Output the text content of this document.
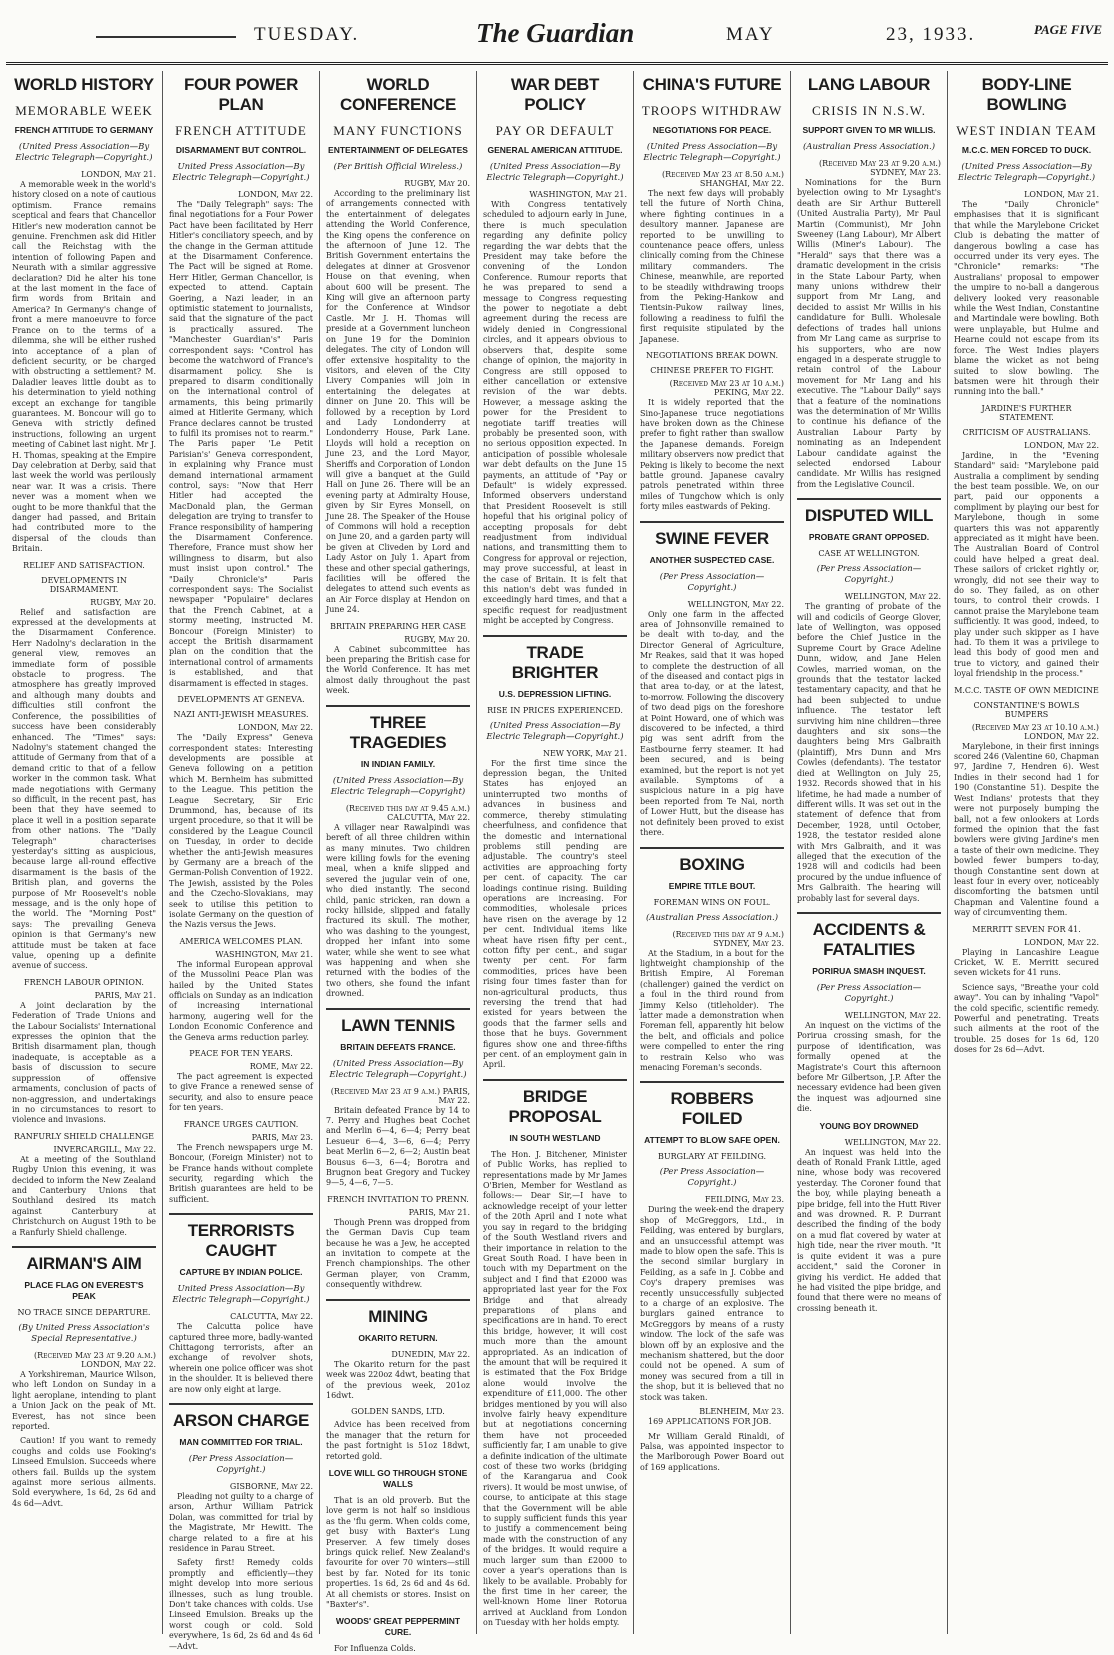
TUESDAY.	The Guardian	MAY	23, 1933.	PAGE FIVE
WORLD HISTORY
MEMORABLE WEEK
FRENCH ATTITUDE TO GERMANY
(United Press Association—By Electric Telegraph—Copyright.)
LONDON, May 21.
A memorable week in the world's history closed on a note of cautious optimism. France remains sceptical and fears that Chancellor Hitler's new moderation cannot be genuine. Frenchmen ask did Hitler call the Reichstag with the intention of following Papen and Neurath with a similar aggressive declaration? Did he alter his tone at the last moment in the face of firm words from Britain and America? In Germany's change of front a mere manoeuvre to force France on to the terms of a dilemma, she will be either rushed into acceptance of a plan of deficient security, or be charged with obstructing a settlement? M. Daladier leaves little doubt as to his determination to yield nothing except an exchange for tangible guarantees. M. Boncour will go to Geneva with strictly defined instructions, following an urgent meeting of Cabinet last night. Mr J. H. Thomas, speaking at the Empire Day celebration at Derby, said that last week the world was perilously near war. It was a crisis. There never was a moment when we ought to be more thankful that the danger had passed, and Britain had contributed more to the dispersal of the clouds than Britain.
RELIEF AND SATISFACTION.
DEVELOPMENTS IN DISARMAMENT.
RUGBY, May 20.
Relief and satisfaction are expressed at the developments at the Disarmament Conference. Herr Nadolny's declaration in the general view, removes an immediate form of possible obstacle to progress. The atmosphere has greatly improved and although many doubts and difficulties still confront the Conference, the possibilities of success have been considerably enhanced. The "Times" says: Nadolny's statement changed the attitude of Germany from that of a demand critic to that of a fellow worker in the common task. What made negotiations with Germany so difficult, in the recent past, has been that they have seemed to place it well in a position separate from other nations. The "Daily Telegraph" characterises yesterday's sitting as auspicious, because large all-round effective disarmament is the basis of the British plan, and governs the purpose of Mr Roosevelt's noble message, and is the only hope of the world. The "Morning Post" says: The prevailing Geneva opinion is that Germany's new attitude must be taken at face value, opening up a definite avenue of success.
FRENCH LABOUR OPINION.
PARIS, May 21.
A joint declaration by the Federation of Trade Unions and the Labour Socialists' International expresses the opinion that the British disarmament plan, though inadequate, is acceptable as a basis of discussion to secure suppression of offensive armaments, conclusion of pacts of non-aggression, and undertakings in no circumstances to resort to violence and invasions.
RANFURLY SHIELD CHALLENGE
INVERCARGILL, May 22.
At a meeting of the Southland Rugby Union this evening, it was decided to inform the New Zealand and Canterbury Unions that Southland desired its match against Canterbury at Christchurch on August 19th to be a Ranfurly Shield challenge.
AIRMAN'S AIM
PLACE FLAG ON EVEREST'S PEAK
NO TRACE SINCE DEPARTURE.
(By United Press Association's Special Representative.)
(Received May 23 at 9.20 a.m.) LONDON, May 22.
A Yorkshireman, Maurice Wilson, who left London on Sunday in a light aeroplane, intending to plant a Union Jack on the peak of Mt. Everest, has not since been reported.
Caution! If you want to remedy coughs and colds use Fooking's Linseed Emulsion. Succeeds where others fail. Builds up the system against more serious ailments. Sold everywhere, 1s 6d, 2s 6d and 4s 6d—Advt.
FOUR POWER PLAN
FRENCH ATTITUDE
DISARMAMENT BUT CONTROL.
United Press Association—By Electric Telegraph—Copyright.)
LONDON, May 22.
The "Daily Telegraph" says: The final negotiations for a Four Power Pact have been facilitated by Herr Hitler's conciliatory speech, and by the change in the German attitude at the Disarmament Conference. The Pact will be signed at Rome. Herr Hitler, German Chancellor, is expected to attend. Captain Goering, a Nazi leader, in an optimistic statement to journalists, said that the signature of the pact is practically assured. The "Manchester Guardian's" Paris correspondent says: "Control has become the watchword of France's disarmament policy. She is prepared to disarm conditionally on the international control of armaments, this being primarily aimed at Hitlerite Germany, which France declares cannot be trusted to fulfil its promises not to rearm." The Paris paper 'Le Petit Parisian's' Geneva correspondent, in explaining why France must demand international armament control, says: "Now that Herr Hitler had accepted the MacDonald plan, the German delegation are trying to transfer to France responsibility of hampering the Disarmament Conference. Therefore, France must show her willingness to disarm, but also must insist upon control." The "Daily Chronicle's" Paris correspondent says: The Socialist newspaper "Populaire" declares that the French Cabinet, at a stormy meeting, instructed M. Boncour (Foreign Minister) to accept the British disarmament plan on the condition that the international control of armaments is established, and that disarmament is effected in stages.
DEVELOPMENTS AT GENEVA.
NAZI ANTI-JEWISH MEASURES.
LONDON, May 22.
The "Daily Express" Geneva correspondent states: Interesting developments are possible at Geneva following on a petition which M. Bernheim has submitted to the League. This petition the League Secretary, Sir Eric Drummond, has, because of its urgent procedure, so that it will be considered by the League Council on Tuesday, in order to decide whether the anti-Jewish measures by Germany are a breach of the German-Polish Convention of 1922. The Jewish, assisted by the Poles and the Czecho-Slovakians, may seek to utilise this petition to isolate Germany on the question of the Nazis versus the Jews.
AMERICA WELCOMES PLAN.
WASHINGTON, May 21.
The informal European approval of the Mussolini Peace Plan was hailed by the United States officials on Sunday as an indication of increasing international harmony, augering well for the London Economic Conference and the Geneva arms reduction parley.
PEACE FOR TEN YEARS.
ROME, May 22.
The pact agreement is expected to give France a renewed sense of security, and also to ensure peace for ten years.
FRANCE URGES CAUTION.
PARIS, May 23.
The French newspapers urge M. Boncour, (Foreign Minister) not to be France hands without complete security, regarding which the British guarantees are held to be sufficient.
TERRORISTS CAUGHT
CAPTURE BY INDIAN POLICE.
United Press Association—By Electric Telegraph—Copyright.)
CALCUTTA, May 22.
The Calcutta police have captured three more, badly-wanted Chittagong terrorists, after an exchange of revolver shots, wherein one police officer was shot in the shoulder. It is believed there are now only eight at large.
ARSON CHARGE
MAN COMMITTED FOR TRIAL.
(Per Press Association— Copyright.)
GISBORNE, May 22.
Pleading not guilty to a charge of arson, Arthur William Patrick Dolan, was committed for trial by the Magistrate, Mr Hewitt. The charge related to a fire at his residence in Parau Street.
Safety first! Remedy colds promptly and efficiently—they might develop into more serious illnesses, such as lung trouble. Don't take chances with colds. Use Linseed Emulsion. Breaks up the worst cough or cold. Sold everywhere, 1s 6d, 2s 6d and 4s 6d—Advt.
WORLD CONFERENCE
MANY FUNCTIONS
ENTERTAINMENT OF DELEGATES
(Per British Official Wireless.)
RUGBY, May 20.
According to the preliminary list of arrangements connected with the entertainment of delegates attending the World Conference, the King opens the conference on the afternoon of June 12. The British Government entertains the delegates at dinner at Grosvenor House on that evening, when about 600 will be present. The King will give an afternoon party for the Conference at Windsor Castle. Mr J. H. Thomas will preside at a Government luncheon on June 19 for the Dominion delegates. The city of London will offer extensive hospitality to the visitors, and eleven of the City Livery Companies will join in entertaining the delegates at dinner on June 20. This will be followed by a reception by Lord and Lady Londonderry at Londonderry House, Park Lane. Lloyds will hold a reception on June 23, and the Lord Mayor, Sheriffs and Corporation of London will give a banquet at the Guild Hall on June 26. There will be an evening party at Admiralty House, given by Sir Eyres Monsell, on June 28. The Speaker of the House of Commons will hold a reception on June 20, and a garden party will be given at Cliveden by Lord and Lady Astor on July 1. Apart from these and other special gatherings, facilities will be offered the delegates to attend such events as an Air Force display at Hendon on June 24.
BRITAIN PREPARING HER CASE
RUGBY, May 20.
A Cabinet subcommittee has been preparing the British case for the World Conference. It has met almost daily throughout the past week.
THREE TRAGEDIES
IN INDIAN FAMILY.
(United Press Association—By Electric Telegraph—Copyright)
(Received this day at 9.45 a.m.) CALCUTTA, May 22.
A villager near Rawalpindi was bereft of all three children within as many minutes. Two children were killing fowls for the evening meal, when a knife slipped and severed the jugular vein of one, who died instantly. The second child, panic stricken, ran down a rocky hillside, slipped and fatally fractured its skull. The mother, who was dashing to the youngest, dropped her infant into some water, while she went to see what was happening and when she returned with the bodies of the two others, she found the infant drowned.
LAWN TENNIS
BRITAIN DEFEATS FRANCE.
(United Press Association—By Electric Telegraph—Copyright.)
(Received May 23 at 9 a.m.) PARIS, May 22.
Britain defeated France by 14 to 7. Perry and Hughes beat Cochet and Merlin 6—4, 6—4; Perry beat Lesueur 6—4, 3—6, 6—4; Perry beat Merlin 6—2, 6—2; Austin beat Bousus 6—3, 6—4; Borotra and Brugnon beat Gregory and Tuckey 9—5, 4—6, 7—5.
FRENCH INVITATION TO PRENN.
PARIS, May 21.
Though Prenn was dropped from the German Davis Cup team because he was a Jew, he accepted an invitation to compete at the French championships. The other German player, von Cramm, consequently withdrew.
MINING
OKARITO RETURN.
DUNEDIN, May 22.
The Okarito return for the past week was 220oz 4dwt, beating that of the previous week, 201oz 16dwt.
GOLDEN SANDS, LTD.
Advice has been received from the manager that the return for the past fortnight is 51oz 18dwt, retorted gold.
LOVE WILL GO THROUGH STONE WALLS
That is an old proverb. But the love germ is not half so insidious as the 'flu germ. When colds come, get busy with Baxter's Lung Preserver. A few timely doses brings quick relief. New Zealand's favourite for over 70 winters—still best by far. Noted for its tonic properties. 1s 6d, 2s 6d and 4s 6d. At all chemists or stores. Insist on "Baxter's".
WOODS' GREAT PEPPERMINT CURE.
For Influenza Colds.
WAR DEBT POLICY
PAY OR DEFAULT
GENERAL AMERICAN ATTITUDE.
(United Press Association—By Electric Telegraph—Copyright.)
WASHINGTON, May 21.
With Congress tentatively scheduled to adjourn early in June, there is much speculation regarding any definite policy regarding the war debts that the President may take before the convening of the London Conference. Rumour reports that he was prepared to send a message to Congress requesting the power to negotiate a debt agreement during the recess are widely denied in Congressional circles, and it appears obvious to observers that, despite some change of opinion, the majority in Congress are still opposed to either cancellation or extensive revision of the war debts. However, a message asking the power for the President to negotiate tariff treaties will probably be presented soon, with no serious opposition expected. In anticipation of possible wholesale war debt defaults on the June 15 payments, an attitude of "Pay or Default" is widely expressed. Informed observers understand that President Roosevelt is still hopeful that his original policy of accepting proposals for debt readjustment from individual nations, and transmitting them to Congress for approval or rejection, may prove successful, at least in the case of Britain. It is felt that this nation's debt was funded in exceedingly hard times, and that a specific request for readjustment might be accepted by Congress.
TRADE BRIGHTER
U.S. DEPRESSION LIFTING.
RISE IN PRICES EXPERIENCED.
(United Press Association—By Electric Telegraph—Copyright.)
NEW YORK, May 21.
For the first time since the depression began, the United States has enjoyed an uninterrupted two months of advances in business and commerce, thereby stimulating cheerfulness, and confidence that the domestic and international problems still pending are adjustable. The country's steel activities are approaching forty per cent. of capacity. The car loadings continue rising. Building operations are increasing. For commodities, wholesale prices have risen on the average by 12 per cent. Individual items like wheat have risen fifty per cent., cotton fifty per cent., and sugar twenty per cent. For farm commodities, prices have been rising four times faster than for non-agricultural products, thus reversing the trend that had existed for years between the goods that the farmer sells and those that he buys. Government figures show one and three-fifths per cent. of an employment gain in April.
BRIDGE PROPOSAL
IN SOUTH WESTLAND
The Hon. J. Bitchener, Minister of Public Works, has replied to representations made by Mr James O'Brien, Member for Westland as follows:— Dear Sir,—I have to acknowledge receipt of your letter of the 20th April and I note what you say in regard to the bridging of the South Westland rivers and their importance in relation to the Great South Road. I have been in touch with my Department on the subject and I find that £2000 was appropriated last year for the Fox Bridge and that already preparations of plans and specifications are in hand. To erect this bridge, however, it will cost much more than the amount appropriated. As an indication of the amount that will be required it is estimated that the Fox Bridge alone would involve the expenditure of £11,000. The other bridges mentioned by you will also involve fairly heavy expenditure but at negotiations concerning them have not proceeded sufficiently far, I am unable to give a definite indication of the ultimate cost of these two works (bridging of the Karangarua and Cook rivers). It would be most unwise, of course, to anticipate at this stage that the Government will be able to supply sufficient funds this year to justify a commencement being made with the construction of any of the bridges. It would require a much larger sum than £2000 to cover a year's operations than is likely to be available. Probably for the first time in her career, the well-known Home liner Rotorua arrived at Auckland from London on Tuesday with her holds empty.
CHINA'S FUTURE
TROOPS WITHDRAW
NEGOTIATIONS FOR PEACE.
(United Press Association—By Electric Telegraph—Copyright.)
(Received May 23 at 8.50 a.m.) SHANGHAI, May 22.
The next few days will probably tell the future of North China, where fighting continues in a desultory manner. Japanese are reported to be unwilling to countenance peace offers, unless clinically coming from the Chinese military commanders. The Chinese, meanwhile, are reported to be steadily withdrawing troops from the Peking-Hankow and Tientsin-Pukow railway lines, following a readiness to fulfil the first requisite stipulated by the Japanese.
NEGOTIATIONS BREAK DOWN.
CHINESE PREFER TO FIGHT.
(Received May 23 at 10 a.m.) PEKING, May 22.
It is widely reported that the Sino-Japanese truce negotiations have broken down as the Chinese prefer to fight rather than swallow the Japanese demands. Foreign military observers now predict that Peking is likely to become the next battle ground. Japanese cavalry patrols penetrated within three miles of Tungchow which is only forty miles eastwards of Peking.
SWINE FEVER
ANOTHER SUSPECTED CASE.
(Per Press Association— Copyright.)
WELLINGTON, May 22.
Only one farm in the affected area of Johnsonville remained to be dealt with to-day, and the Director General of Agriculture, Mr Reakes, said that it was hoped to complete the destruction of all of the diseased and contact pigs in that area to-day, or at the latest, to-morrow. Following the discovery of two dead pigs on the foreshore at Point Howard, one of which was discovered to be infected, a third pig was sent adrift from the Eastbourne ferry steamer. It had been secured, and is being examined, but the report is not yet available. Symptoms of a suspicious nature in a pig have been reported from Te Nai, north of Lower Hutt, but the disease has not definitely been proved to exist there.
BOXING
EMPIRE TITLE BOUT.
FOREMAN WINS ON FOUL.
(Australian Press Association.)
(Received this day at 9 a.m.) SYDNEY, May 23.
At the Stadium, in a bout for the lightweight championship of the British Empire, Al Foreman (challenger) gained the verdict on a foul in the third round from Jimmy Kelso (titleholder). The latter made a demonstration when Foreman fell, apparently hit below the belt, and officials and police were compelled to enter the ring to restrain Kelso who was menacing Foreman's seconds.
ROBBERS FOILED
ATTEMPT TO BLOW SAFE OPEN.
BURGLARY AT FEILDING.
(Per Press Association— Copyright.)
FEILDING, May 23.
During the week-end the drapery shop of McGreggors, Ltd., in Feilding, was entered by burglars, and an unsuccessful attempt was made to blow open the safe. This is the second similar burglary in Feilding, as a safe in J. Cobbe and Coy's drapery premises was recently unsuccessfully subjected to a charge of an explosive. The burglars gained entrance to McGreggors by means of a rusty window. The lock of the safe was blown off by an explosive and the mechanism shattered, but the door could not be opened. A sum of money was secured from a till in the shop, but it is believed that no stock was taken.
BLENHEIM, May 23.
169 APPLICATIONS FOR JOB.
Mr William Gerald Rinaldi, of Palsa, was appointed inspector to the Marlborough Power Board out of 169 applications.
LANG LABOUR
CRISIS IN N.S.W.
SUPPORT GIVEN TO MR WILLIS.
(Australian Press Association.)
(Received May 23 at 9.20 a.m.) SYDNEY, May 23.
Nominations for the Burn byelection owing to Mr Lysaght's death are Sir Arthur Butterell (United Australia Party), Mr Paul Martin (Communist), Mr John Sweeney (Lang Labour), Mr Albert Willis (Miner's Labour). The "Herald" says that there was a dramatic development in the crisis in the State Labour Party, when many unions withdrew their support from Mr Lang, and decided to assist Mr Willis in his candidature for Bulli. Wholesale defections of trades hall unions from Mr Lang came as surprise to his supporters, who are now engaged in a desperate struggle to retain control of the Labour movement for Mr Lang and his executive. The "Labour Daily" says that a feature of the nominations was the determination of Mr Willis to continue his defiance of the Australian Labour Party by nominating as an Independent Labour candidate against the selected endorsed Labour candidate. Mr Willis has resigned from the Legislative Council.
DISPUTED WILL
PROBATE GRANT OPPOSED.
CASE AT WELLINGTON.
(Per Press Association— Copyright.)
WELLINGTON, May 22.
The granting of probate of the will and codicils of George Glover, late of Wellington, was opposed before the Chief Justice in the Supreme Court by Grace Adeline Dunn, widow, and Jane Helen Cowles, married woman, on the grounds that the testator lacked testamentary capacity, and that he had been subjected to undue influence. The testator left surviving him nine children—three daughters and six sons—the daughters being Mrs Galbraith (plaintiff), Mrs Dunn and Mrs Cowles (defendants). The testator died at Wellington on July 25, 1932. Records showed that in his lifetime, he had made a number of different wills. It was set out in the statement of defence that from December, 1928, until October, 1928, the testator resided alone with Mrs Galbraith, and it was alleged that the execution of the 1928 will and codicils had been procured by the undue influence of Mrs Galbraith. The hearing will probably last for several days.
ACCIDENTS & FATALITIES
PORIRUA SMASH INQUEST.
(Per Press Association— Copyright.)
WELLINGTON, May 22.
An inquest on the victims of the Porirua crossing smash, for the purpose of identification, was formally opened at the Magistrate's Court this afternoon before Mr Gilbertson, J.P. After the necessary evidence had been given the inquest was adjourned sine die.
YOUNG BOY DROWNED
WELLINGTON, May 22.
An inquest was held into the death of Ronald Frank Little, aged nine, whose body was recovered yesterday. The Coroner found that the boy, while playing beneath a pipe bridge, fell into the Hutt River and was drowned. R. P. Durrant described the finding of the body on a mud flat covered by water at high tide, near the river mouth. "It is quite evident it was a pure accident," said the Coroner in giving his verdict. He added that he had visited the pipe bridge, and found that there were no means of crossing beneath it.
BODY-LINE BOWLING
WEST INDIAN TEAM
M.C.C. MEN FORCED TO DUCK.
(United Press Association—By Electric Telegraph—Copyright.)
LONDON, May 21.
The "Daily Chronicle" emphasises that it is significant that while the Marylebone Cricket Club is debating the matter of dangerous bowling a case has occurred under its very eyes. The "Chronicle" remarks: "The Australians' proposal to empower the umpire to no-ball a dangerous delivery looked very reasonable while the West Indian, Constantine and Martindale were bowling. Both were unplayable, but Hulme and Hearne could not escape from its force. The West Indies players blame the wicket as not being suited to slow bowling. The batsmen were hit through their running into the ball."
JARDINE'S FURTHER STATEMENT.
CRITICISM OF AUSTRALIANS.
LONDON, May 22.
Jardine, in the "Evening Standard" said: "Marylebone paid Australia a compliment by sending the best team possible. We, on our part, paid our opponents a compliment by playing our best for Marylebone, though in some quarters this was not apparently appreciated as it might have been. The Australian Board of Control could have helped a great deal. These sailors of cricket rightly or, wrongly, did not see their way to do so. They failed, as on other tours, to control their crowds. I cannot praise the Marylebone team sufficiently. It was good, indeed, to play under such skipper as I have had. To them it was a privilege to lead this body of good men and true to victory, and gained their loyal friendship in the process."
M.C.C. TASTE OF OWN MEDICINE
CONSTANTINE'S BOWLS BUMPERS
(Received May 23 at 10.10 a.m.) LONDON, May 22.
Marylebone, in their first innings scored 246 (Valentine 60, Chapman 97, Jardine 7, Hendren 6). West Indies in their second had 1 for 190 (Constantine 51). Despite the West Indians' protests that they were not purposely bumping the ball, not a few onlookers at Lords formed the opinion that the fast bowlers were giving Jardine's men a taste of their own medicine. They bowled fewer bumpers to-day, though Constantine sent down at least four in every over, noticeably discomforting the batsmen until Chapman and Valentine found a way of circumventing them.
MERRITT SEVEN FOR 41.
LONDON, May 22.
Playing in Lancashire League Cricket, W. E. Merritt secured seven wickets for 41 runs.
Science says, "Breathe your cold away". You can by inhaling "Vapol" the cold specific, scientific remedy. Powerful and penetrating. Treats such ailments at the root of the trouble. 25 doses for 1s 6d, 120 doses for 2s 6d—Advt.
